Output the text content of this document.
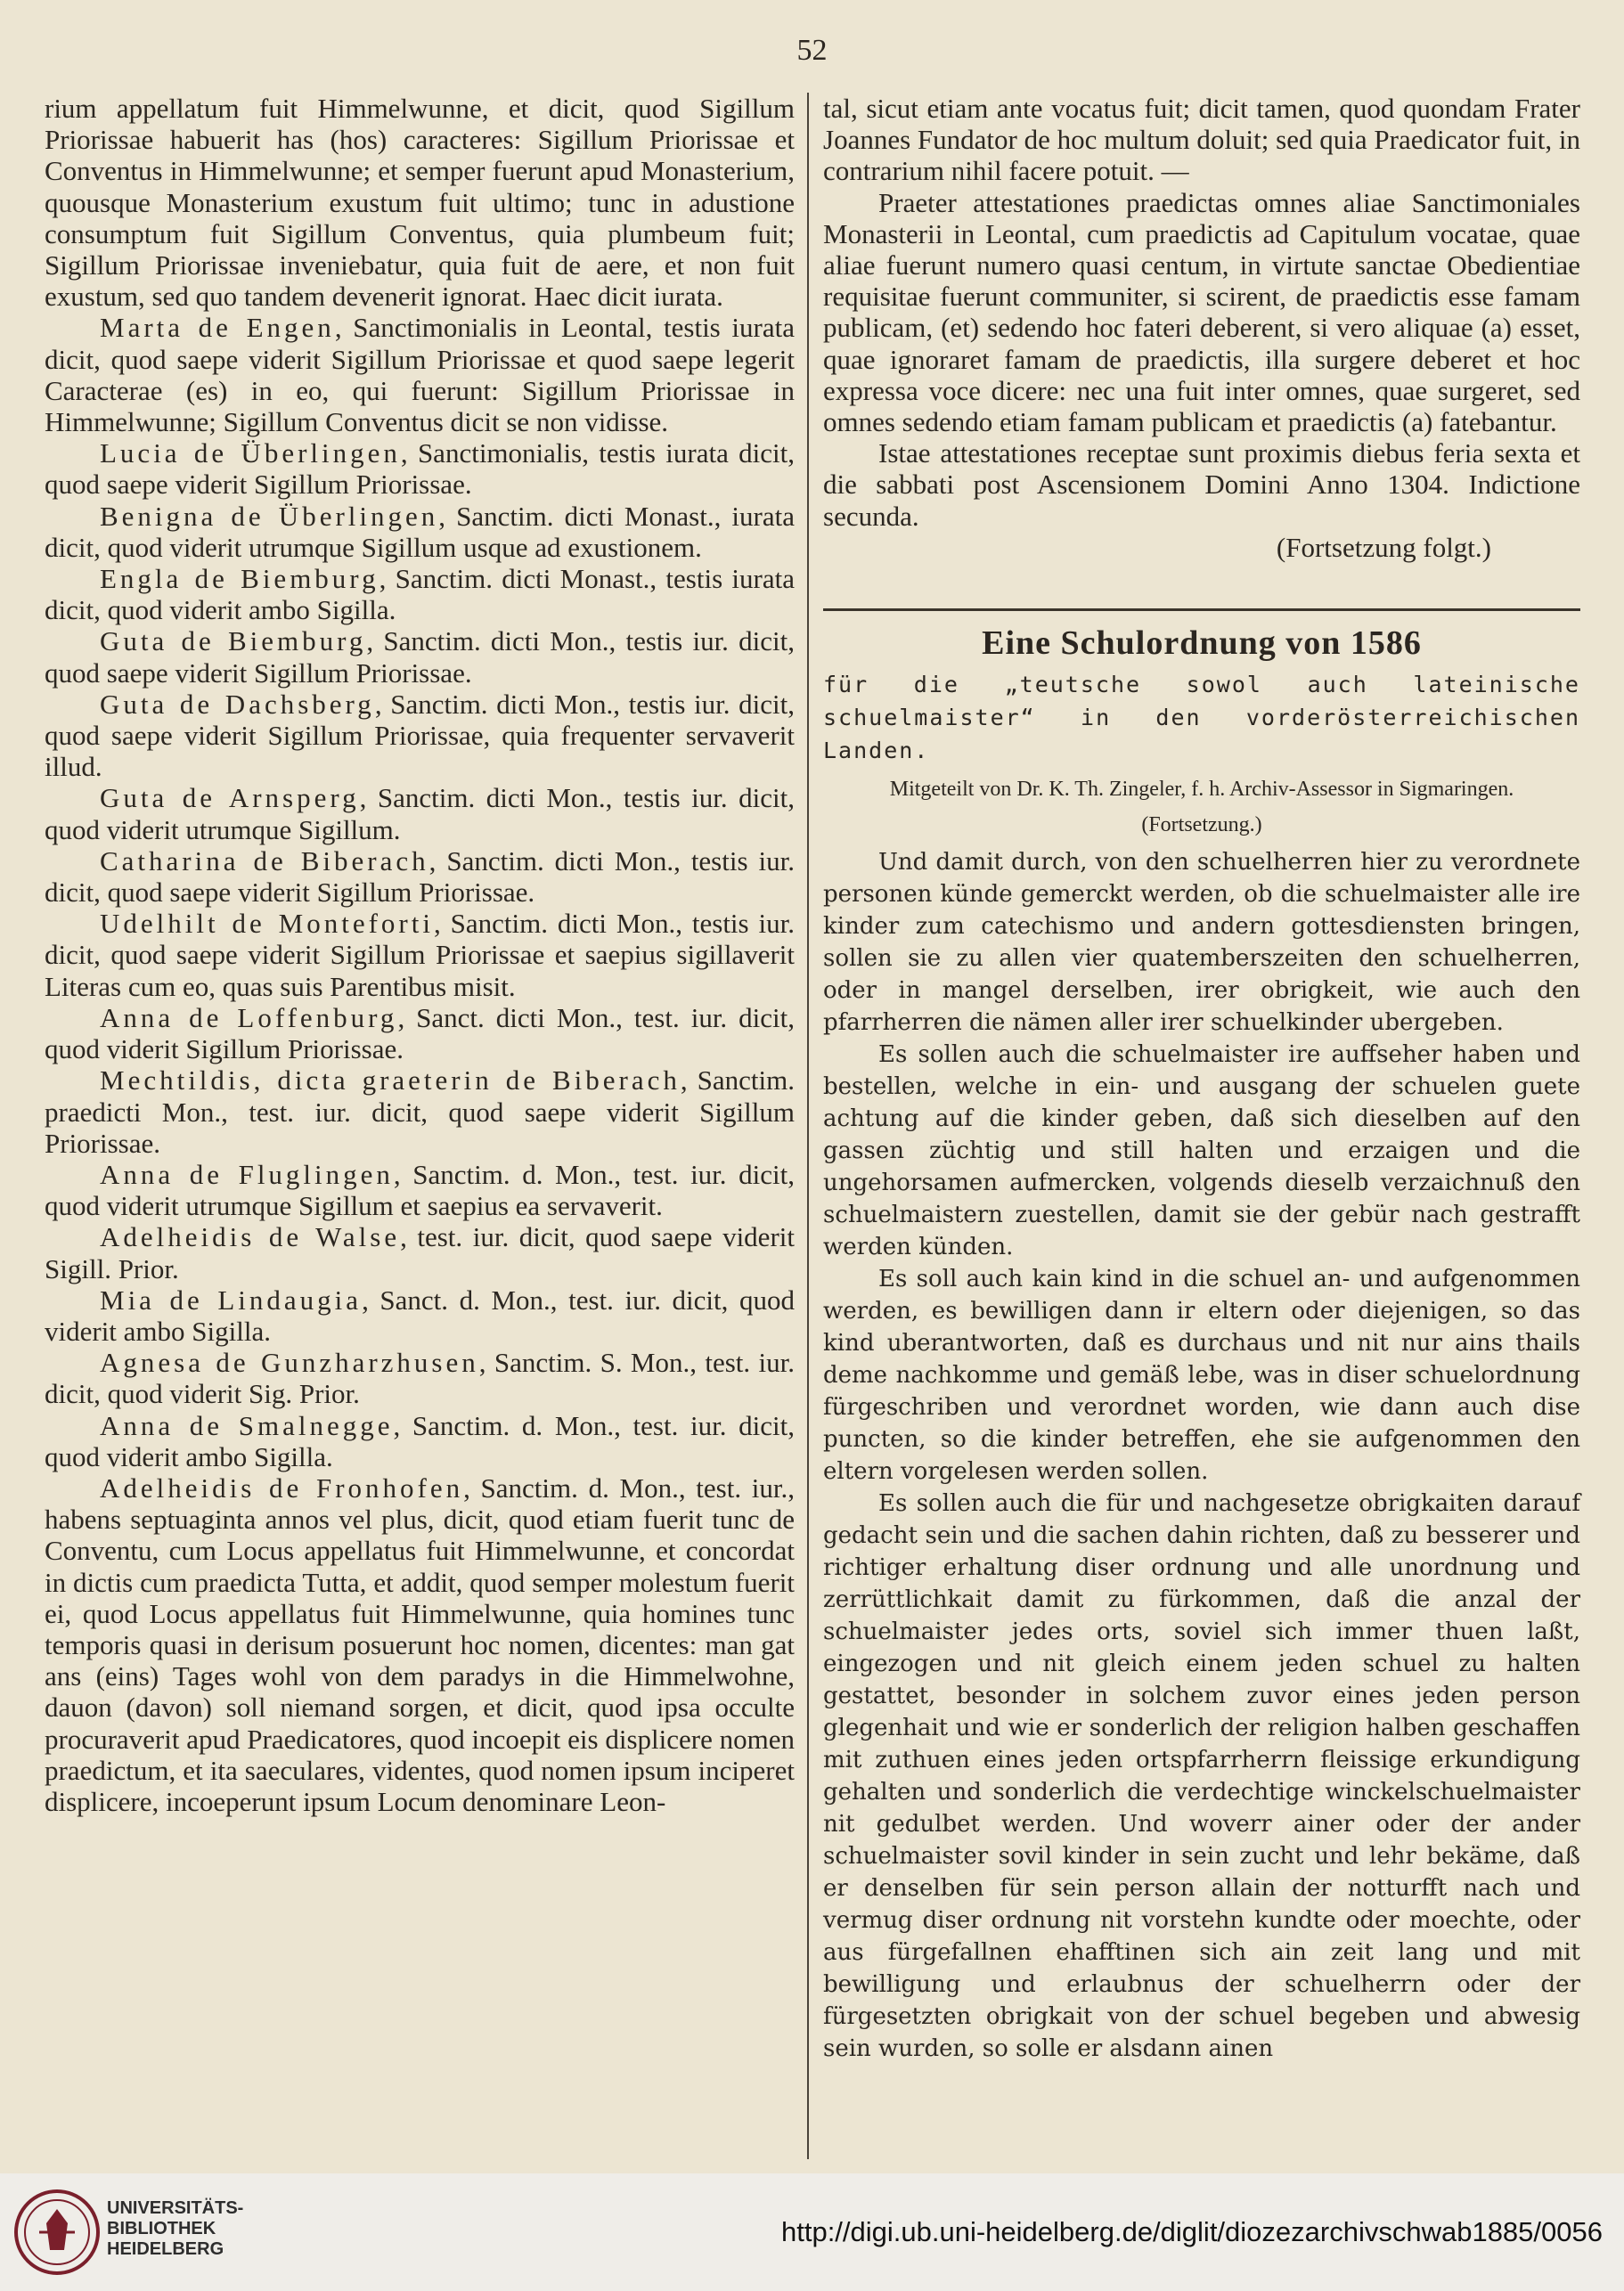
52

rium appellatum fuit Himmelwunne, et dicit, quod Sigillum Priorissae habuerit has (hos) caracteres: Sigillum Priorissae et Conventus in Himmelwunne; et semper fuerunt apud Monasterium, quousque Monasterium exustum fuit ultimo; tunc in adustione consumptum fuit Sigillum Conventus, quia plumbeum fuit; Sigillum Priorissae inveniebatur, quia fuit de aere, et non fuit exustum, sed quo tandem devenerit ignorat. Haec dicit iurata.

Marta de Engen, Sanctimonialis in Leontal, testis iurata dicit, quod saepe viderit Sigillum Priorissae et quod saepe legerit Caracterae (es) in eo, qui fuerunt: Sigillum Priorissae in Himmelwunne; Sigillum Conventus dicit se non vidisse.

Lucia de Überlingen, Sanctimonialis, testis iurata dicit, quod saepe viderit Sigillum Priorissae.

Benigna de Überlingen, Sanctim. dicti Monast., iurata dicit, quod viderit utrumque Sigillum usque ad exustionem.

Engla de Biemburg, Sanctim. dicti Monast., testis iurata dicit, quod viderit ambo Sigilla.

Guta de Biemburg, Sanctim. dicti Mon., testis iur. dicit, quod saepe viderit Sigillum Priorissae.

Guta de Dachsberg, Sanctim. dicti Mon., testis iur. dicit, quod saepe viderit Sigillum Priorissae, quia frequenter servaverit illud.

Guta de Arnsperg, Sanctim. dicti Mon., testis iur. dicit, quod viderit utrumque Sigillum.

Catharina de Biberach, Sanctim. dicti Mon., testis iur. dicit, quod saepe viderit Sigillum Priorissae.

Udelhilt de Monteforti, Sanctim. dicti Mon., testis iur. dicit, quod saepe viderit Sigillum Priorissae et saepius sigillaverit Literas cum eo, quas suis Parentibus misit.

Anna de Loffenburg, Sanct. dicti Mon., test. iur. dicit, quod viderit Sigillum Priorissae.

Mechtildis, dicta graeterin de Biberach, Sanctim. praedicti Mon., test. iur. dicit, quod saepe viderit Sigillum Priorissae.

Anna de Fluglingen, Sanctim. d. Mon., test. iur. dicit, quod viderit utrumque Sigillum et saepius ea servaverit.

Adelheidis de Walse, test. iur. dicit, quod saepe viderit Sigill. Prior.

Mia de Lindaugia, Sanct. d. Mon., test. iur. dicit, quod viderit ambo Sigilla.

Agnesa de Gunzharzhusen, Sanctim. S. Mon., test. iur. dicit, quod viderit Sig. Prior.

Anna de Smalnegge, Sanctim. d. Mon., test. iur. dicit, quod viderit ambo Sigilla.

Adelheidis de Fronhofen, Sanctim. d. Mon., test. iur., habens septuaginta annos vel plus, dicit, quod etiam fuerit tunc de Conventu, cum Locus appellatus fuit Himmelwunne, et concordat in dictis cum praedicta Tutta, et addit, quod semper molestum fuerit ei, quod Locus appellatus fuit Himmelwunne, quia homines tunc temporis quasi in derisum posuerunt hoc nomen, dicentes: man gat ans (eins) Tages wohl von dem paradys in die Himmelwohne, dauon (davon) soll niemand sorgen, et dicit, quod ipsa occulte procuraverit apud Praedicatores, quod incoepit eis displicere nomen praedictum, et ita saeculares, videntes, quod nomen ipsum inciperet displicere, incoeperunt ipsum Locum denominare Leon-

tal, sicut etiam ante vocatus fuit; dicit tamen, quod quondam Frater Joannes Fundator de hoc multum doluit; sed quia Praedicator fuit, in contrarium nihil facere potuit. —

Praeter attestationes praedictas omnes aliae Sanctimoniales Monasterii in Leontal, cum praedictis ad Capitulum vocatae, quae aliae fuerunt numero quasi centum, in virtute sanctae Obedientiae requisitae fuerunt communiter, si scirent, de praedictis esse famam publicam, (et) sedendo hoc fateri deberent, si vero aliquae (a) esset, quae ignoraret famam de praedictis, illa surgere deberet et hoc expressa voce dicere: nec una fuit inter omnes, quae surgeret, sed omnes sedendo etiam famam publicam et praedictis (a) fatebantur.

Istae attestationes receptae sunt proximis diebus feria sexta et die sabbati post Ascensionem Domini Anno 1304. Indictione secunda.

(Fortsetzung folgt.)

Eine Schulordnung von 1586

für die „teutsche sowol auch lateinische schuelmaister“ in den vorderösterreichischen Landen.

Mitgeteilt von Dr. K. Th. Zingeler, f. h. Archiv-Assessor in Sigmaringen.
(Fortsetzung.)

Und damit durch, von den schuelherren hier zu verordnete personen künde gemerckt werden, ob die schuelmaister alle ire kinder zum catechismo und andern gottesdiensten bringen, sollen sie zu allen vier quatemberszeiten den schuelherren, oder in mangel derselben, irer obrigkeit, wie auch den pfarrherren die nämen aller irer schuelkinder ubergeben.

Es sollen auch die schuelmaister ire auffseher haben und bestellen, welche in ein- und ausgang der schuelen guete achtung auf die kinder geben, daß sich dieselben auf den gassen züchtig und still halten und erzaigen und die ungehorsamen aufmercken, volgends dieselb verzaichnuß den schuelmaistern zuestellen, damit sie der gebür nach gestrafft werden künden.

Es soll auch kain kind in die schuel an- und aufgenommen werden, es bewilligen dann ir eltern oder diejenigen, so das kind uberantworten, daß es durchaus und nit nur ains thails deme nachkomme und gemäß lebe, was in diser schuelordnung fürgeschriben und verordnet worden, wie dann auch dise puncten, so die kinder betreffen, ehe sie aufgenommen den eltern vorgelesen werden sollen.

Es sollen auch die für und nachgesetze obrigkaiten darauf gedacht sein und die sachen dahin richten, daß zu besserer und richtiger erhaltung diser ordnung und alle unordnung und zerrüttlichkait damit zu fürkommen, daß die anzal der schuelmaister jedes orts, soviel sich immer thuen laßt, eingezogen und nit gleich einem jeden schuel zu halten gestattet, besonder in solchem zuvor eines jeden person glegenhait und wie er sonderlich der religion halben geschaffen mit zuthuen eines jeden ortspfarrherrn fleissige erkundigung gehalten und sonderlich die verdechtige winckelschuelmaister nit gedulbet werden. Und woverr ainer oder der ander schuelmaister sovil kinder in sein zucht und lehr bekäme, daß er denselben für sein person allain der notturfft nach und vermug diser ordnung nit vorstehn kundte oder moechte, oder aus fürgefallnen ehafftinen sich ain zeit lang und mit bewilligung und erlaubnus der schuelherrn oder der fürgesetzten obrigkait von der schuel begeben und abwesig sein wurden, so solle er alsdann ainen

UNIVERSITÄTS-
BIBLIOTHEK
HEIDELBERG
http://digi.ub.uni-heidelberg.de/diglit/diozezarchivschwab1885/0056
